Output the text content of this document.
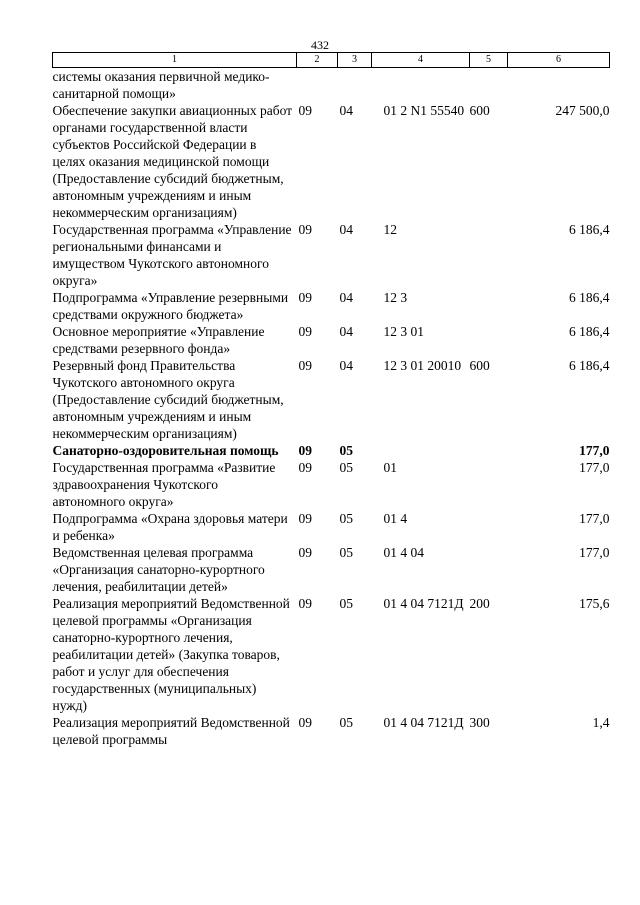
432
1	2	3	4	5	6
системы оказания первичной медико-санитарной помощи»					
Обеспечение закупки авиационных работ органами государственной власти субъектов Российской Федерации в целях оказания медицинской помощи (Предоставление субсидий бюджетным, автономным учреждениям и иным некоммерческим организациям)	09	04	01 2 N1 55540	600	247 500,0
Государственная программа «Управление региональными финансами и имуществом Чукотского автономного округа»	09	04	12		6 186,4
Подпрограмма «Управление резервными средствами окружного бюджета»	09	04	12 3		6 186,4
Основное мероприятие «Управление средствами резервного фонда»	09	04	12 3 01		6 186,4
Резервный фонд Правительства Чукотского автономного округа (Предоставление субсидий бюджетным, автономным учреждениям и иным некоммерческим организациям)	09	04	12 3 01 20010	600	6 186,4
Санаторно-оздоровительная помощь	09	05			177,0
Государственная программа «Развитие здравоохранения Чукотского автономного округа»	09	05	01		177,0
Подпрограмма «Охрана здоровья матери и ребенка»	09	05	01 4		177,0
Ведомственная целевая программа «Организация санаторно-курортного лечения, реабилитации детей»	09	05	01 4 04		177,0
Реализация мероприятий Ведомственной целевой программы «Организация санаторно-курортного лечения, реабилитации детей» (Закупка товаров, работ и услуг для обеспечения государственных (муниципальных) нужд)	09	05	01 4 04 7121Д	200	175,6
Реализация мероприятий Ведомственной целевой программы	09	05	01 4 04 7121Д	300	1,4
